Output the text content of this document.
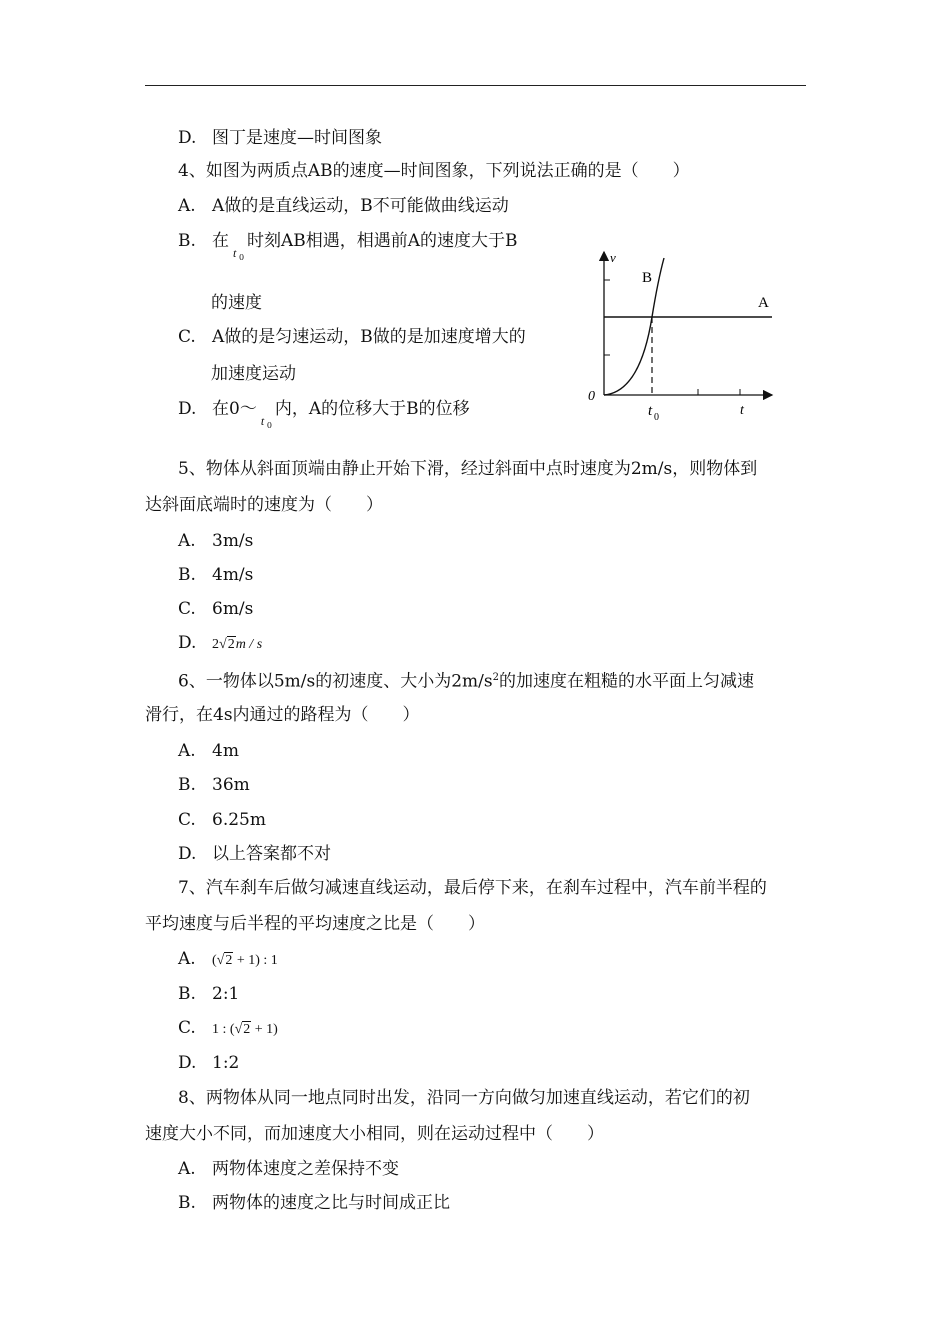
D. 图丁是速度—时间图象
4、如图为两质点AB的速度—时间图象，下列说法正确的是（　　）
A. A做的是直线运动，B不可能做曲线运动
B. 在
t 0
时刻AB相遇，相遇前A的速度大于B
的速度
C. A做的是匀速运动，B做的是加速度增大的
加速度运动
D. 在0～
t 0
内，A的位移大于B的位移
v
t
0
A
B
t 0
5、物体从斜面顶端由静止开始下滑，经过斜面中点时速度为2m/s，则物体到
达斜面底端时的速度为（　　）
A. 3m/s
B. 4m/s
C. 6m/s
D. 2√2m / s
6、一物体以5m/s的初速度、大小为$2m/s^2$的加速度在粗糙的水平面上匀减速
滑行，在4s内通过的路程为（　　）
A. 4m
B. 36m
C. 6.25m
D. 以上答案都不对
7、汽车刹车后做匀减速直线运动，最后停下来，在刹车过程中，汽车前半程的
平均速度与后半程的平均速度之比是（　　）
A. (√2 + 1) : 1
B. 2:1
C. 1 : (√2 + 1)
D. 1:2
8、两物体从同一地点同时出发，沿同一方向做匀加速直线运动，若它们的初
速度大小不同，而加速度大小相同，则在运动过程中（　　）
A. 两物体速度之差保持不变
B. 两物体的速度之比与时间成正比
